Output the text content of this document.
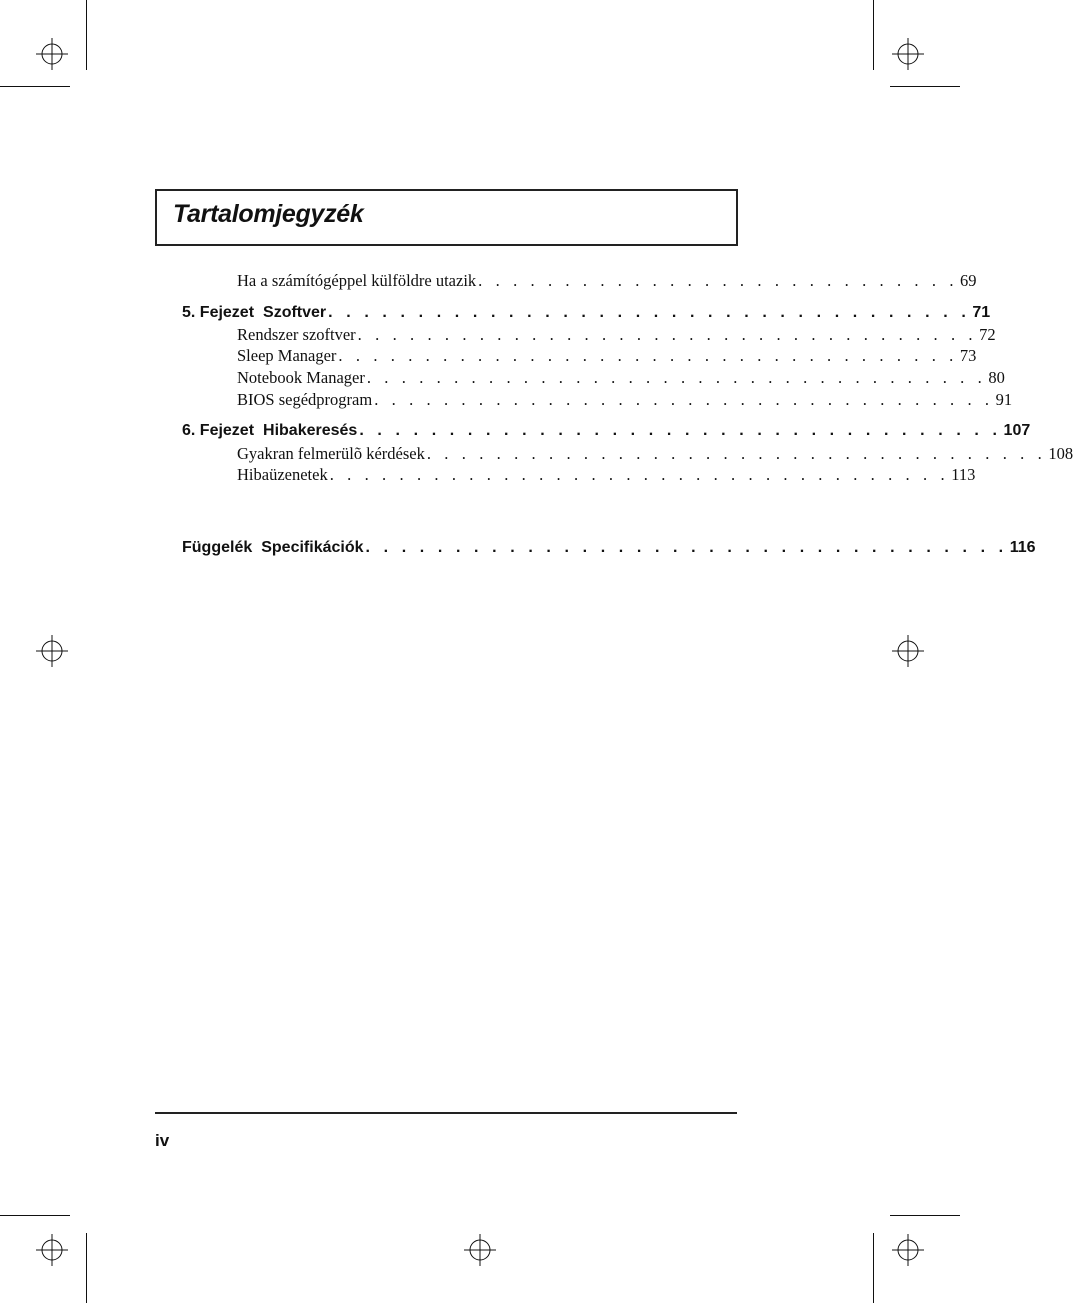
Tartalomjegyzék
Ha a számítógéppel külföldre utazik . . . . . . . . . . . . . . . . . . . . . . . . . . . . 69
5. Fejezet Szoftver . . . . . . . . . . . . . . . . . . . . . . . . . . . . . . . . . . . . 71
Rendszer szoftver . . . . . . . . . . . . . . . . . . . . . . . . . . . . . . . . . . . . 72
Sleep Manager . . . . . . . . . . . . . . . . . . . . . . . . . . . . . . . . . . . . 73
Notebook Manager . . . . . . . . . . . . . . . . . . . . . . . . . . . . . . . . . . . . 80
BIOS segédprogram . . . . . . . . . . . . . . . . . . . . . . . . . . . . . . . . . . . . 91
6. Fejezet Hibakeresés . . . . . . . . . . . . . . . . . . . . . . . . . . . . . . . . . . . . 107
Gyakran felmerülõ kérdések . . . . . . . . . . . . . . . . . . . . . . . . . . . . . . . . . . . . 108
Hibaüzenetek . . . . . . . . . . . . . . . . . . . . . . . . . . . . . . . . . . . . 113
Függelék Specifikációk . . . . . . . . . . . . . . . . . . . . . . . . . . . . . . . . . . . . 116
iv
